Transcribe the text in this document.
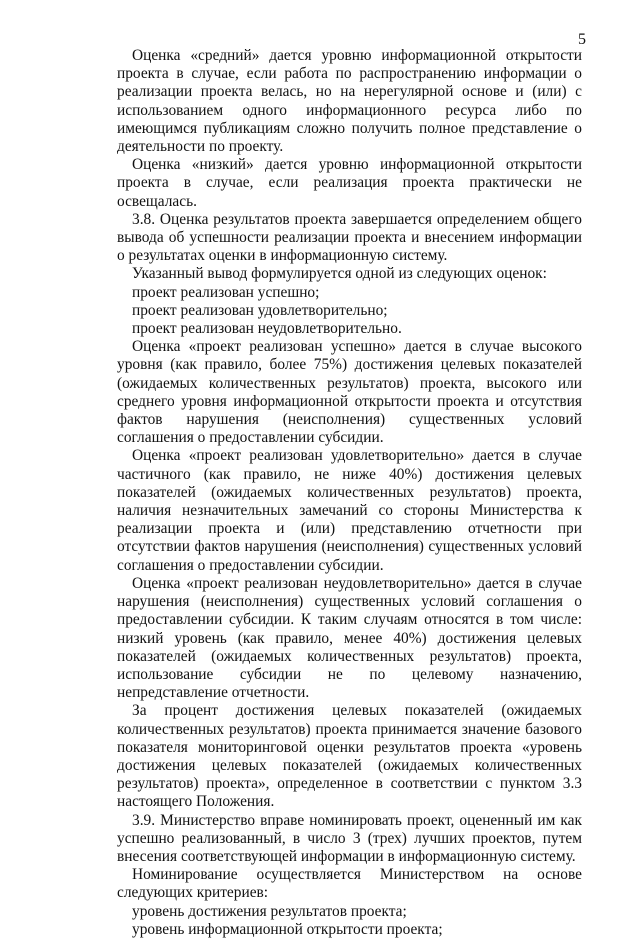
5

Оценка «средний» дается уровню информационной открытости проекта в случае, если работа по распространению информации о реализации проекта велась, но на нерегулярной основе и (или) с использованием одного информационного ресурса либо по имеющимся публикациям сложно получить полное представление о деятельности по проекту.

Оценка «низкий» дается уровню информационной открытости проекта в случае, если реализация проекта практически не освещалась.

3.8. Оценка результатов проекта завершается определением общего вывода об успешности реализации проекта и внесением информации о результатах оценки в информационную систему.

Указанный вывод формулируется одной из следующих оценок:

проект реализован успешно;

проект реализован удовлетворительно;

проект реализован неудовлетворительно.

Оценка «проект реализован успешно» дается в случае высокого уровня (как правило, более 75%) достижения целевых показателей (ожидаемых количественных результатов) проекта, высокого или среднего уровня информационной открытости проекта и отсутствия фактов нарушения (неисполнения) существенных условий соглашения о предоставлении субсидии.

Оценка «проект реализован удовлетворительно» дается в случае частичного (как правило, не ниже 40%) достижения целевых показателей (ожидаемых количественных результатов) проекта, наличия незначительных замечаний со стороны Министерства к реализации проекта и (или) представлению отчетности при отсутствии фактов нарушения (неисполнения) существенных условий соглашения о предоставлении субсидии.

Оценка «проект реализован неудовлетворительно» дается в случае нарушения (неисполнения) существенных условий соглашения о предоставлении субсидии. К таким случаям относятся в том числе: низкий уровень (как правило, менее 40%) достижения целевых показателей (ожидаемых количественных результатов) проекта, использование субсидии не по целевому назначению, непредставление отчетности.

За процент достижения целевых показателей (ожидаемых количественных результатов) проекта принимается значение базового показателя мониторинговой оценки результатов проекта «уровень достижения целевых показателей (ожидаемых количественных результатов) проекта», определенное в соответствии с пунктом 3.3 настоящего Положения.

3.9. Министерство вправе номинировать проект, оцененный им как успешно реализованный, в число 3 (трех) лучших проектов, путем внесения соответствующей информации в информационную систему.

Номинирование осуществляется Министерством на основе следующих критериев:

уровень достижения результатов проекта;

уровень информационной открытости проекта;
